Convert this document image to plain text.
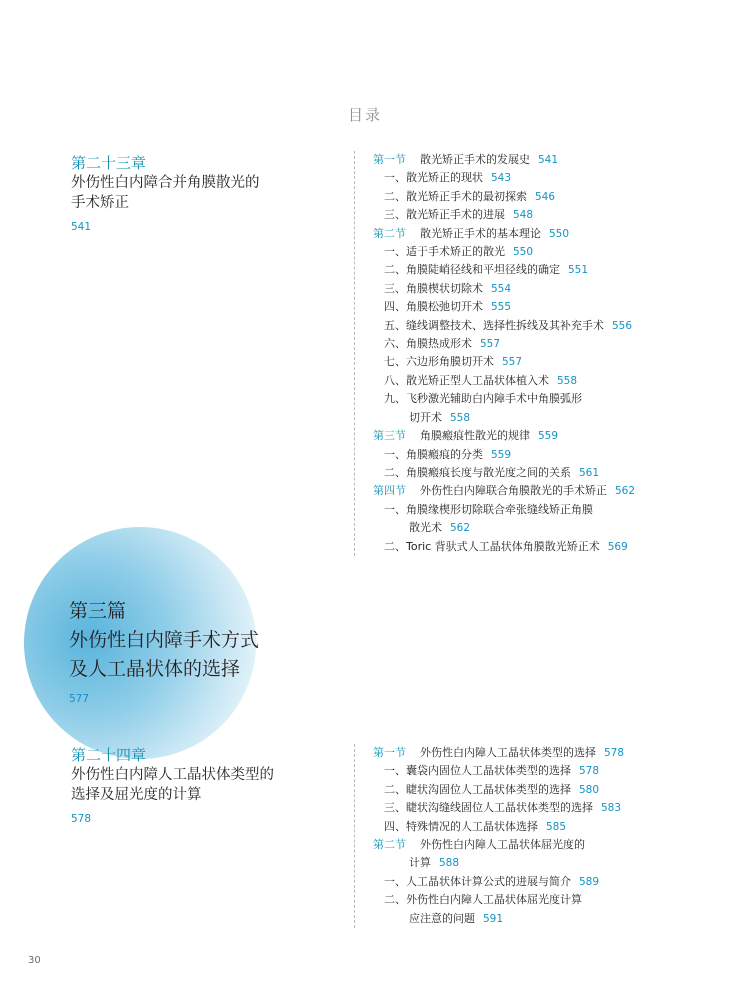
目录
第二十三章
外伤性白内障合并角膜散光的
手术矫正
541
第一节 散光矫正手术的发展史 541
一、散光矫正的现状 543
二、散光矫正手术的最初探索 546
三、散光矫正手术的进展 548
第二节 散光矫正手术的基本理论 550
一、适于手术矫正的散光 550
二、角膜陡峭径线和平坦径线的确定 551
三、角膜楔状切除术 554
四、角膜松弛切开术 555
五、缝线调整技术、选择性拆线及其补充手术 556
六、角膜热成形术 557
七、六边形角膜切开术 557
八、散光矫正型人工晶状体植入术 558
九、飞秒激光辅助白内障手术中角膜弧形
切开术 558
第三节 角膜瘢痕性散光的规律 559
一、角膜瘢痕的分类 559
二、角膜瘢痕长度与散光度之间的关系 561
第四节 外伤性白内障联合角膜散光的手术矫正 562
一、角膜缘楔形切除联合牵张缝线矫正角膜
散光术 562
二、Toric 背驮式人工晶状体角膜散光矫正术 569
第三篇
外伤性白内障手术方式
及人工晶状体的选择
577
第二十四章
外伤性白内障人工晶状体类型的
选择及屈光度的计算
578
第一节 外伤性白内障人工晶状体类型的选择 578
一、囊袋内固位人工晶状体类型的选择 578
二、睫状沟固位人工晶状体类型的选择 580
三、睫状沟缝线固位人工晶状体类型的选择 583
四、特殊情况的人工晶状体选择 585
第二节 外伤性白内障人工晶状体屈光度的
计算 588
一、人工晶状体计算公式的进展与简介 589
二、外伤性白内障人工晶状体屈光度计算
应注意的问题 591
30
